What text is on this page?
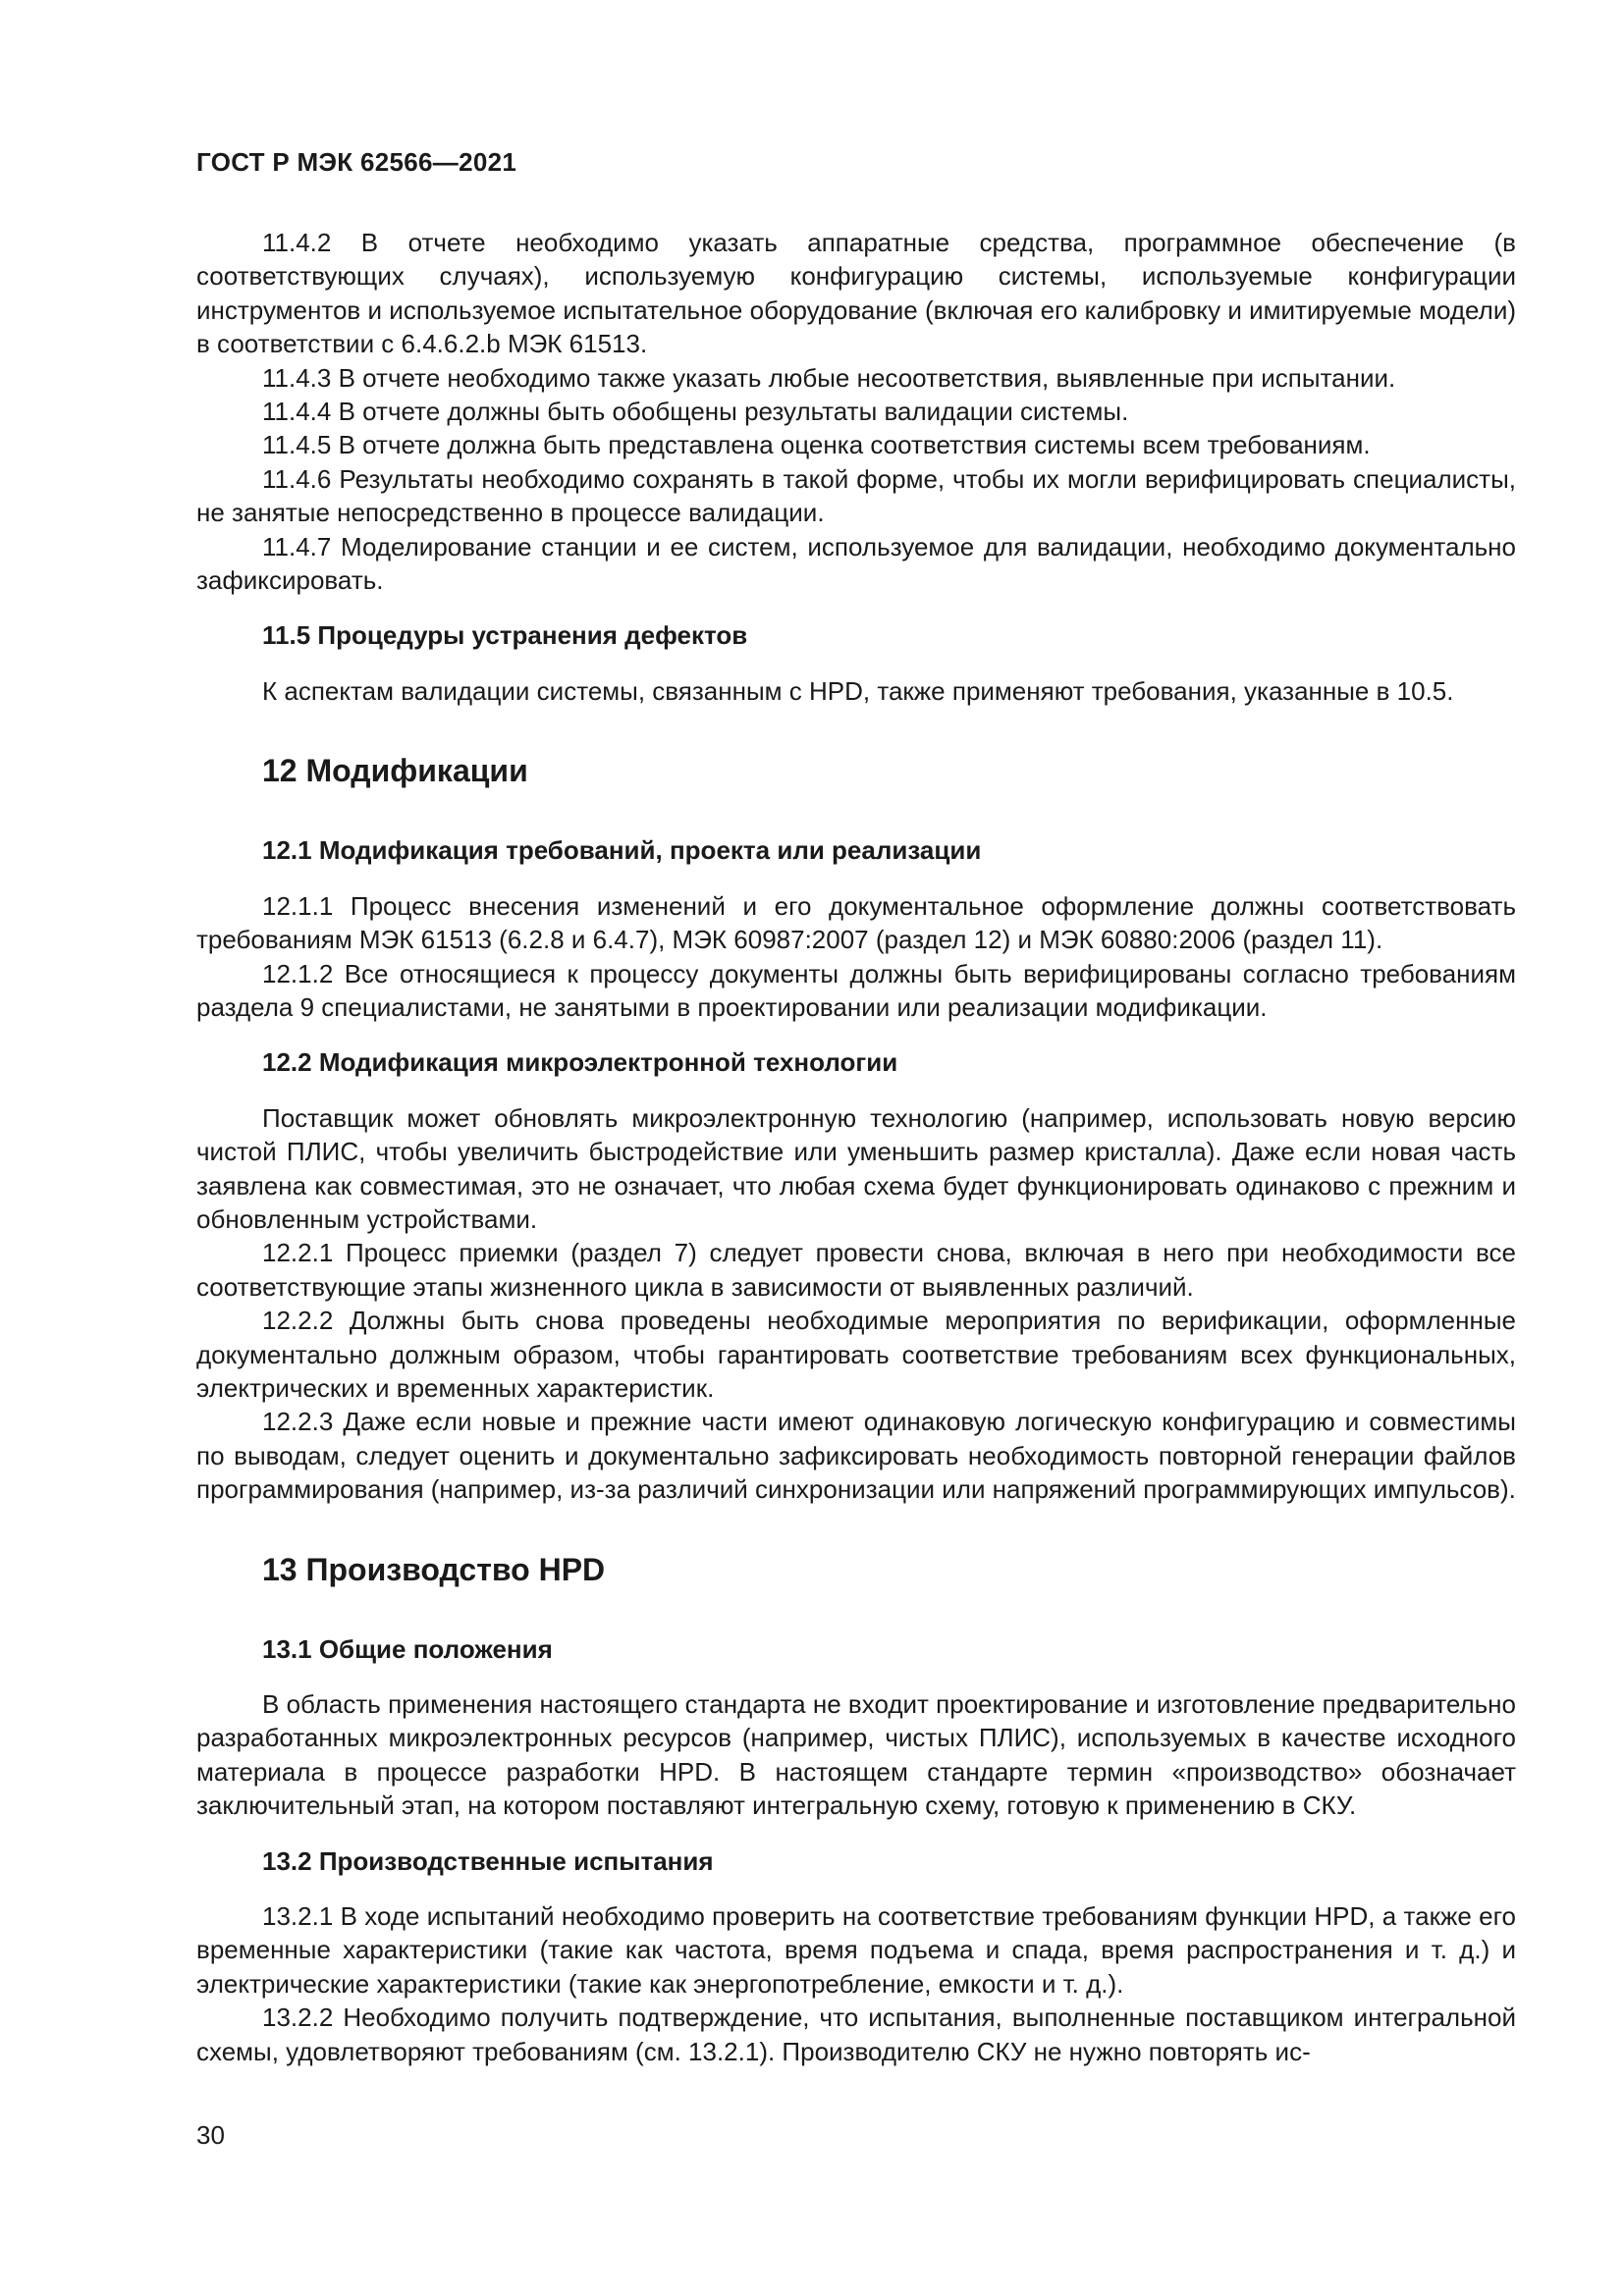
ГОСТ Р МЭК 62566—2021

11.4.2 В отчете необходимо указать аппаратные средства, программное обеспечение (в соответствующих случаях), используемую конфигурацию системы, используемые конфигурации инструментов и используемое испытательное оборудование (включая его калибровку и имитируемые модели) в соответствии с 6.4.6.2.b МЭК 61513.

11.4.3 В отчете необходимо также указать любые несоответствия, выявленные при испытании.

11.4.4 В отчете должны быть обобщены результаты валидации системы.

11.4.5 В отчете должна быть представлена оценка соответствия системы всем требованиям.

11.4.6 Результаты необходимо сохранять в такой форме, чтобы их могли верифицировать специалисты, не занятые непосредственно в процессе валидации.

11.4.7 Моделирование станции и ее систем, используемое для валидации, необходимо документально зафиксировать.

11.5 Процедуры устранения дефектов

К аспектам валидации системы, связанным с HPD, также применяют требования, указанные в 10.5.

12 Модификации

12.1 Модификация требований, проекта или реализации

12.1.1 Процесс внесения изменений и его документальное оформление должны соответствовать требованиям МЭК 61513 (6.2.8 и 6.4.7), МЭК 60987:2007 (раздел 12) и МЭК 60880:2006 (раздел 11).

12.1.2 Все относящиеся к процессу документы должны быть верифицированы согласно требованиям раздела 9 специалистами, не занятыми в проектировании или реализации модификации.

12.2 Модификация микроэлектронной технологии

Поставщик может обновлять микроэлектронную технологию (например, использовать новую версию чистой ПЛИС, чтобы увеличить быстродействие или уменьшить размер кристалла). Даже если новая часть заявлена как совместимая, это не означает, что любая схема будет функционировать одинаково с прежним и обновленным устройствами.

12.2.1 Процесс приемки (раздел 7) следует провести снова, включая в него при необходимости все соответствующие этапы жизненного цикла в зависимости от выявленных различий.

12.2.2 Должны быть снова проведены необходимые мероприятия по верификации, оформленные документально должным образом, чтобы гарантировать соответствие требованиям всех функциональных, электрических и временных характеристик.

12.2.3 Даже если новые и прежние части имеют одинаковую логическую конфигурацию и совместимы по выводам, следует оценить и документально зафиксировать необходимость повторной генерации файлов программирования (например, из-за различий синхронизации или напряжений программирующих импульсов).

13 Производство HPD

13.1 Общие положения

В область применения настоящего стандарта не входит проектирование и изготовление предварительно разработанных микроэлектронных ресурсов (например, чистых ПЛИС), используемых в качестве исходного материала в процессе разработки HPD. В настоящем стандарте термин «производство» обозначает заключительный этап, на котором поставляют интегральную схему, готовую к применению в СКУ.

13.2 Производственные испытания

13.2.1 В ходе испытаний необходимо проверить на соответствие требованиям функции HPD, а также его временные характеристики (такие как частота, время подъема и спада, время распространения и т. д.) и электрические характеристики (такие как энергопотребление, емкости и т. д.).

13.2.2 Необходимо получить подтверждение, что испытания, выполненные поставщиком интегральной схемы, удовлетворяют требованиям (см. 13.2.1). Производителю СКУ не нужно повторять ис-

30
